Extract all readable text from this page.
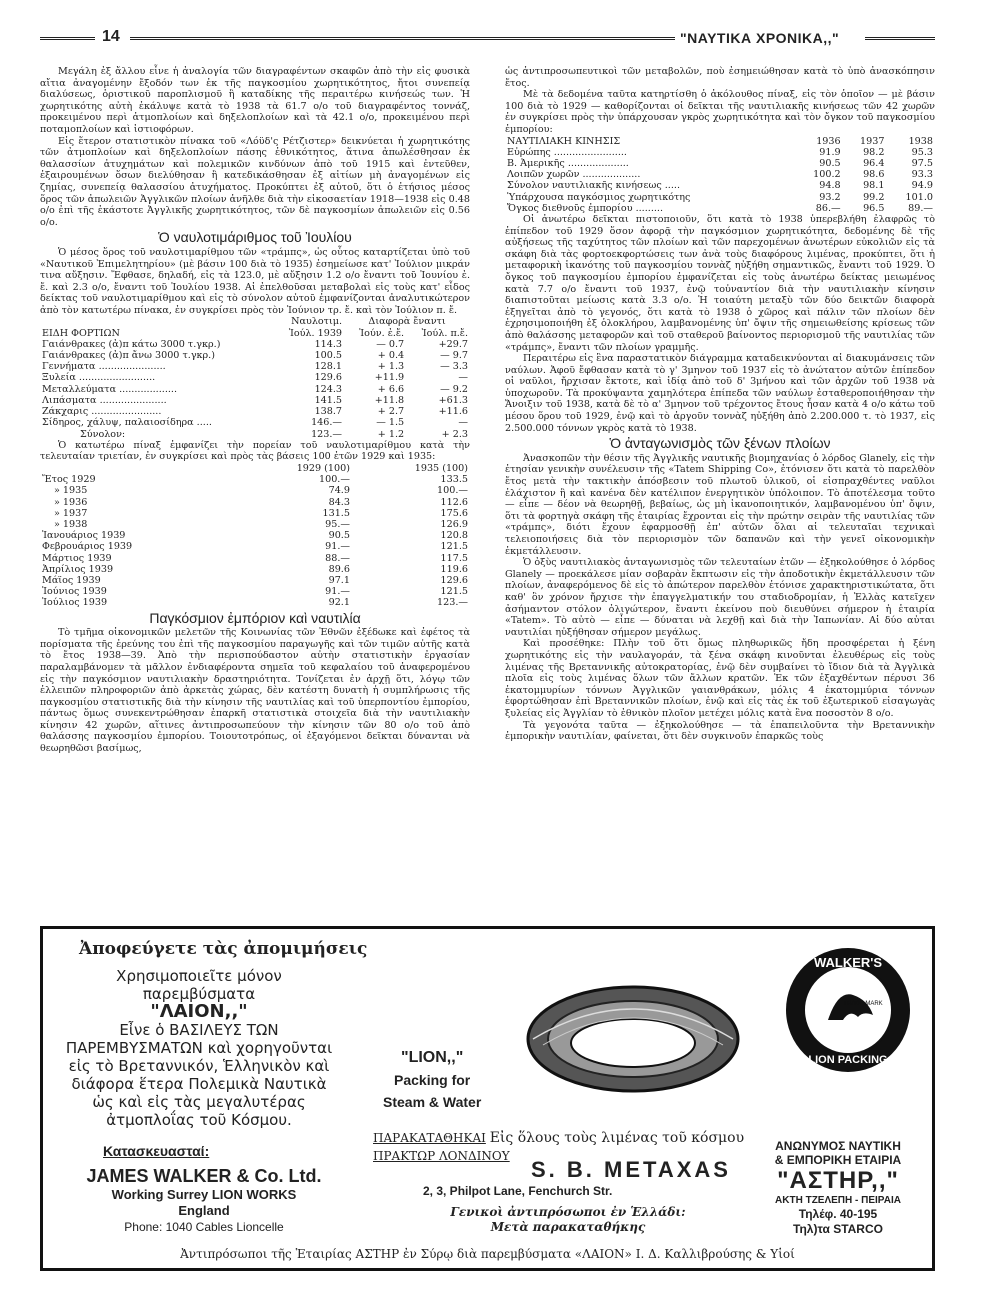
14	"ΝΑΥΤΙΚΑ ΧΡΟΝΙΚΑ,,"

Μεγάλη ἐξ ἄλλου εἶνε ἡ ἀναλογία τῶν διαγραφέντων σκαφῶν ἀπὸ τὴν εἰς φυσικὰ αἴτια ἀναγομένην ἔξοδόν των ἐκ τῆς παγκοσμίου χωρητικότητος, ἤτοι συνεπείᾳ διαλύσεως, ὁριστικοῦ παροπλισμοῦ ἢ καταδίκης τῆς περαιτέρω κινήσεώς των. Ἡ χωρητικότης αὐτὴ ἐκάλυψε κατὰ τὸ 1938 τὰ 61.7 ο/ο τοῦ διαγραφέντος τοννάζ, προκειμένου περὶ ἀτμοπλοίων καὶ δηξελοπλοίων καὶ τὰ 42.1 ο/ο, προκειμένου περὶ ποταμοπλοίων καὶ ἱστιοφόρων.

Εἰς ἕτερον στατιστικὸν πίνακα τοῦ «Λόϋδ'ς Ρέτζιστερ» δεικνύεται ἡ χωρητικότης τῶν ἀτμοπλοίων καὶ δηξελοπλοίων πάσης ἐθνικότητος, ἅτινα ἀπωλέσθησαν ἐκ θαλασσίων ἀτυχημάτων καὶ πολεμικῶν κινδύνων ἀπὸ τοῦ 1915 καὶ ἐντεῦθεν, ἐξαιρουμένων ὅσων διελύθησαν ἢ κατεδικάσθησαν ἐξ αἰτίων μὴ ἀναγομένων εἰς ζημίας, συνεπείᾳ θαλασσίου ἀτυχήματος. Προκύπτει ἐξ αὐτοῦ, ὅτι ὁ ἐτήσιος μέσος ὅρος τῶν ἀπωλειῶν Ἀγγλικῶν πλοίων ἀνῆλθε διὰ τὴν εἰκοσαετίαν 1918—1938 εἰς 0.48 ο/ο ἐπὶ τῆς ἑκάστοτε Ἀγγλικῆς χωρητικότητος, τῶν δὲ παγκοσμίων ἀπωλειῶν εἰς 0.56 ο/ο.

Ὁ ναυλοτιμάριθμος τοῦ Ἰουλίου

Ὁ μέσος ὅρος τοῦ ναυλοτιμαρίθμου τῶν «τράμπς», ὡς οὗτος καταρτίζεται ὑπὸ τοῦ «Ναυτικοῦ Ἐπιμελητηρίου» (μὲ βάσιν 100 διὰ τὸ 1935) ἐσημείωσε κατ' Ἰούλιον μικράν τινα αὔξησιν. Ἔφθασε, δηλαδή, εἰς τὰ 123.0, μὲ αὔξησιν 1.2 ο/ο ἔναντι τοῦ Ἰουνίου ἐ. ἔ. καὶ 2.3 ο/ο, ἔναντι τοῦ Ἰουλίου 1938. Αἱ ἐπελθοῦσαι μεταβολαὶ εἰς τοὺς κατ' εἶδος δείκτας τοῦ ναυλοτιμαρίθμου καὶ εἰς τὸ σύνολον αὐτοῦ ἐμφανίζονται ἀναλυτικώτερον ἀπὸ τὸν κατωτέρω πίνακα, ἐν συγκρίσει πρὸς τὸν Ἰούνιον τρ. ἔ. καὶ τὸν Ἰούλιον π. ἔ.

	Ναυλοτιμ.	Διαφορὰ ἔναντι	
ΕΙΔΗ ΦΟΡΤΙΩΝ	Ἰούλ. 1939	Ἰούν. ἐ.ἔ.	Ἰούλ. π.ἔ.
Γαιάνθρακες (ἀ)π κάτω 3000 τ.γκρ.)	114.3	— 0.7	+29.7
Γαιάνθρακες (ἀ)π ἄνω 3000 τ.γκρ.)	100.5	+ 0.4	— 9.7
Γεννήματα ......................	128.1	+ 1.3	— 3.3
Ξυλεία .........................	129.6	+11.9	—
Μεταλλεύματα ...................	124.3	+ 6.6	— 9.2
Λιπάσματα ......................	141.5	+11.8	+61.3
Ζάκχαρις .......................	138.7	+ 2.7	+11.6
Σίδηρος, χάλυψ, παλαιοσίδηρα .....	146.—	— 1.5	—
Σύνολον:	123.—	+ 1.2	+ 2.3

Ὁ κατωτέρω πίναξ ἐμφανίζει τὴν πορείαν τοῦ ναυλοτιμαρίθμου κατὰ τὴν τελευταίαν τριετίαν, ἐν συγκρίσει καὶ πρὸς τὰς βάσεις 100 ἐτῶν 1929 καὶ 1935:

	1929 (100)	1935 (100)
Ἔτος 1929	100.—	133.5
» 1935	74.9	100.—
» 1936	84.3	112.6
» 1937	131.5	175.6
» 1938	95.—	126.9
Ἰανουάριος 1939	90.5	120.8
Φεβρουάριος 1939	91.—	121.5
Μάρτιος 1939	88.—	117.5
Ἀπρίλιος 1939	89.6	119.6
Μάϊος 1939	97.1	129.6
Ἰούνιος 1939	91.—	121.5
Ἰούλιος 1939	92.1	123.—
Παγκόσμιον ἐμπόριον καὶ ναυτιλία

Τὸ τμῆμα οἰκονομικῶν μελετῶν τῆς Κοινωνίας τῶν Ἐθνῶν ἐξέδωκε καὶ ἐφέτος τὰ πορίσματα τῆς ἐρεύνης του ἐπὶ τῆς παγκοσμίου παραγωγῆς καὶ τῶν τιμῶν αὐτῆς κατὰ τὸ ἔτος 1938—39. Ἀπὸ τὴν περισπούδαστον αὐτὴν στατιστικὴν ἐργασίαν παραλαμβάνομεν τὰ μᾶλλον ἐνδιαφέροντα σημεῖα τοῦ κεφαλαίου τοῦ ἀναφερομένου εἰς τὴν παγκόσμιον ναυτιλιακὴν δραστηριότητα. Τονίζεται ἐν ἀρχῇ ὅτι, λόγῳ τῶν ἐλλειπῶν πληροφοριῶν ἀπὸ ἀρκετὰς χώρας, δὲν κατέστη δυνατὴ ἡ συμπλήρωσις τῆς παγκοσμίου στατιστικῆς διὰ τὴν κίνησιν τῆς ναυτιλίας καὶ τοῦ ὑπερποντίου ἐμπορίου, πάντως ὅμως συνεκεντρώθησαν ἐπαρκῆ στατιστικὰ στοιχεῖα διὰ τὴν ναυτιλιακὴν κίνησιν 42 χωρῶν, αἵτινες ἀντιπροσωπεύουν τὴν κίνησιν τῶν 80 ο/ο τοῦ ἀπὸ θαλάσσης παγκοσμίου ἐμπορίου. Τοιουτοτρόπως, οἱ ἐξαγόμενοι δεῖκται δύνανται νὰ θεωρηθῶσι βασίμως,

ὡς ἀντιπροσωπευτικοὶ τῶν μεταβολῶν, ποὺ ἐσημειώθησαν κατὰ τὸ ὑπὸ ἀνασκόπησιν ἔτος.

Μὲ τὰ δεδομένα ταῦτα κατηρτίσθη ὁ ἀκόλουθος πίναξ, εἰς τὸν ὁποῖον — μὲ βάσιν 100 διὰ τὸ 1929 — καθορίζονται οἱ δεῖκται τῆς ναυτιλιακῆς κινήσεως τῶν 42 χωρῶν ἐν συγκρίσει πρὸς τὴν ὑπάρχουσαν γκρὸς χωρητικότητα καὶ τὸν ὄγκον τοῦ παγκοσμίου ἐμπορίου:

ΝΑΥΤΙΛΙΑΚΗ ΚΙΝΗΣΙΣ	1936	1937	1938
Εὐρώπης ........................	91.9	98.2	95.3
Β. Ἀμερικῆς ....................	90.5	96.4	97.5
Λοιπῶν χωρῶν ...................	100.2	98.6	93.3
Σύνολον ναυτιλιακῆς κινήσεως .....	94.8	98.1	94.9
Ὑπάρχουσα παγκόσμιος χωρητικότης	93.2	99.2	101.0
Ὄγκος διεθνοῦς ἐμπορίου .........	86.—	96.5	89.—

Οἱ ἀνωτέρω δεῖκται πιστοποιοῦν, ὅτι κατὰ τὸ 1938 ὑπερεβλήθη ἐλαφρῶς τὸ ἐπίπεδον τοῦ 1929 ὅσον ἀφορᾷ τὴν παγκόσμιον χωρητικότητα, δεδομένης δὲ τῆς αὐξήσεως τῆς ταχύτητος τῶν πλοίων καὶ τῶν παρεχομένων ἀνωτέρων εὐκολιῶν εἰς τὰ σκάφη διὰ τὰς φορτοεκφορτώσεις των ἀνὰ τοὺς διαφόρους λιμένας, προκύπτει, ὅτι ἡ μεταφορικὴ ἱκανότης τοῦ παγκοσμίου τοννὰζ ηὐξήθη σημαντικῶς, ἔναντι τοῦ 1929. Ὁ ὄγκος τοῦ παγκοσμίου ἐμπορίου ἐμφανίζεται εἰς τοὺς ἀνωτέρω δείκτας μειωμένος κατὰ 7.7 ο/ο ἔναντι τοῦ 1937, ἐνῷ τοὐναντίον διὰ τὴν ναυτιλιακὴν κίνησιν διαπιστοῦται μείωσις κατὰ 3.3 ο/ο. Ἡ τοιαύτη μεταξὺ τῶν δύο δεικτῶν διαφορὰ ἐξηγεῖται ἀπὸ τὸ γεγονός, ὅτι κατὰ τὸ 1938 ὁ χῶρος καὶ πάλιν τῶν πλοίων δὲν ἐχρησιμοποιήθη ἐξ ὁλοκλήρου, λαμβανομένης ὑπ' ὄψιν τῆς σημειωθείσης κρίσεως τῶν ἀπὸ θαλάσσης μεταφορῶν καὶ τοῦ σταθεροῦ βαίνοντος περιορισμοῦ τῆς ναυτιλίας τῶν «τράμπς», ἔναντι τῶν πλοίων γραμμῆς.

Περαιτέρω εἰς ἓνα παραστατικὸν διάγραμμα καταδεικνύονται αἱ διακυμάνσεις τῶν ναύλων. Ἀφοῦ ἔφθασαν κατὰ τὸ γ' 3μηνον τοῦ 1937 εἰς τὸ ἀνώτατον αὐτῶν ἐπίπεδον οἱ ναῦλοι, ἤρχισαν ἔκτοτε, καὶ ἰδίᾳ ἀπὸ τοῦ δ' 3μήνου καὶ τῶν ἀρχῶν τοῦ 1938 νὰ ὑποχωροῦν. Τὰ προκύψαντα χαμηλότερα ἐπίπεδα τῶν ναύλων ἐσταθεροποιήθησαν τὴν Ἄνοιξιν τοῦ 1938, κατὰ δὲ τὸ α' 3μηνον τοῦ τρέχοντος ἔτους ἦσαν κατὰ 4 ο/ο κάτω τοῦ μέσου ὅρου τοῦ 1929, ἐνῷ καὶ τὸ ἀργοῦν τοννὰζ ηὐξήθη ἀπὸ 2.200.000 τ. τὸ 1937, εἰς 2.500.000 τόννων γκρὸς κατὰ τὸ 1938.

Ὁ ἀνταγωνισμὸς τῶν ξένων πλοίων

Ἀνασκοπῶν τὴν θέσιν τῆς Ἀγγλικῆς ναυτικῆς βιομηχανίας ὁ λόρδος Glanely, εἰς τὴν ἐτησίαν γενικὴν συνέλευσιν τῆς «Tatem Shipping Co», ἐτόνισεν ὅτι κατὰ τὸ παρελθὸν ἔτος μετὰ τὴν τακτικὴν ἀπόσβεσιν τοῦ πλωτοῦ ὑλικοῦ, οἱ εἰσπραχθέντες ναῦλοι ἐλάχιστον ἢ καὶ κανένα δὲν κατέλιπον ἐνεργητικὸν ὑπόλοιπον. Τὸ ἀποτέλεσμα τοῦτο — εἶπε — δέον νὰ θεωρηθῇ, βεβαίως, ὡς μὴ ἱκανοποιητικόν, λαμβανομένου ὑπ' ὄψιν, ὅτι τὰ φορτηγὰ σκάφη τῆς ἑταιρίας ἔχρονται εἰς τὴν πρώτην σειρὰν τῆς ναυτιλίας τῶν «τράμπς», διότι ἔχουν ἐφαρμοσθῇ ἐπ' αὐτῶν ὅλαι αἱ τελευταῖαι τεχνικαὶ τελειοποιήσεις διὰ τὸν περιορισμὸν τῶν δαπανῶν καὶ τὴν γενεῖ οἰκονομικὴν ἐκμετάλλευσιν.

Ὁ ὀξὺς ναυτιλιακὸς ἀνταγωνισμὸς τῶν τελευταίων ἐτῶν — ἐξηκολούθησε ὁ λόρδος Glanely — προεκάλεσε μίαν σοβαρὰν ἔκπτωσιν εἰς τὴν ἀποδοτικὴν ἐκμετάλλευσιν τῶν πλοίων, ἀναφερόμενος δὲ εἰς τὸ ἀπώτερον παρελθὸν ἐτόνισε χαρακτηριστικώτατα, ὅτι καθ' ὃν χρόνον ἤρχισε τὴν ἐπαγγελματικήν του σταδιοδρομίαν, ἡ Ἑλλὰς κατεῖχεν ἀσήμαντον στόλον ὀλιγώτερον, ἔναντι ἐκείνου ποὺ διευθύνει σήμερον ἡ ἑταιρία «Tatem». Τὸ αὐτὸ — εἶπε — δύναται νὰ λεχθῇ καὶ διὰ τὴν Ἰαπωνίαν. Αἱ δύο αὐται ναυτιλίαι ηὐξήθησαν σήμερον μεγάλως.

Καὶ προσέθηκε: Πλὴν τοῦ ὅτι ὅμως πληθωρικῶς ἤδη προσφέρεται ἡ ξένη χωρητικότης εἰς τὴν ναυλαγοράν, τὰ ξένα σκάφη κινοῦνται ἐλευθέρως εἰς τοὺς λιμένας τῆς Βρεταννικῆς αὐτοκρατορίας, ἐνῷ δὲν συμβαίνει τὸ ἴδιον διὰ τὰ Ἀγγλικὰ πλοῖα εἰς τοὺς λιμένας ὅλων τῶν ἄλλων κρατῶν. Ἐκ τῶν ἐξαχθέντων πέρυσι 36 ἑκατομμυρίων τόννων Ἀγγλικῶν γαιανθράκων, μόλις 4 ἑκατομμύρια τόννων ἐφορτώθησαν ἐπὶ Βρεταννικῶν πλοίων, ἐνῷ καὶ εἰς τὰς ἐκ τοῦ ἐξωτερικοῦ εἰσαγωγὰς ξυλείας εἰς Ἀγγλίαν τὸ ἐθνικὸν πλοῖον μετέχει μόλις κατὰ ἓνα ποσοστὸν 8 ο/ο.

Τὰ γεγονότα ταῦτα — ἐξηκολούθησε — τὰ ἐπαπειλοῦντα τὴν Βρεταννικὴν ἐμπορικὴν ναυτιλίαν, φαίνεται, ὅτι δὲν συγκινοῦν ἐπαρκῶς τοὺς

Ἀποφεύγετε τὰς ἀπομιμήσεις
Χρησιμοποιεῖτε μόνον παρεμβύσματα
"ΛΑΙΟΝ,,"
Εἶνε ὁ ΒΑΣΙΛΕΥΣ ΤΩΝ ΠΑΡΕΜΒΥΣΜΑΤΩΝ καὶ χορηγοῦνται εἰς τὸ Βρεταννικόν, Ἑλληνικὸν καὶ διάφορα ἕτερα Πολεμικὰ Ναυτικὰ ὡς καὶ εἰς τὰς μεγαλυτέρας ἀτμοπλοΐας τοῦ Κόσμου.
"LION,,"
Packing for
Steam & Water
WALKER'S
LION PACKING
TRADE MARK
Κατασκευασταί:
JAMES WALKER & Co. Ltd.
Working Surrey LION WORKS
England
Phone: 1040 Cables Lioncelle
ΠΑΡΑΚΑΤΑΘΗΚΑΙ Εἰς ὅλους τοὺς λιμένας τοῦ κόσμου
ΠΡΑΚΤΩΡ ΛΟΝΔΙΝΟΥ
S. B. METAXAS
2, 3, Philpot Lane, Fenchurch Str.
Γενικοὶ ἀντιπρόσωποι ἐν Ἑλλάδι:
Μετὰ παρακαταθήκης
ΑΝΩΝΥΜΟΣ ΝΑΥΤΙΚΗ
& ΕΜΠΟΡΙΚΗ ΕΤΑΙΡΙΑ
"ΑΣΤΗΡ,,"
ΑΚΤΗ ΤΖΕΛΕΠΗ - ΠΕΙΡΑΙΑ
Τηλέφ. 40-195
Τηλ)τα STARCO
Ἀντιπρόσωποι τῆς Ἑταιρίας ΑΣΤΗΡ ἐν Σύρῳ διὰ παρεμβύσματα «ΛΑΙΟΝ» Ι. Δ. Καλλιβρούσης & Υἱοί
